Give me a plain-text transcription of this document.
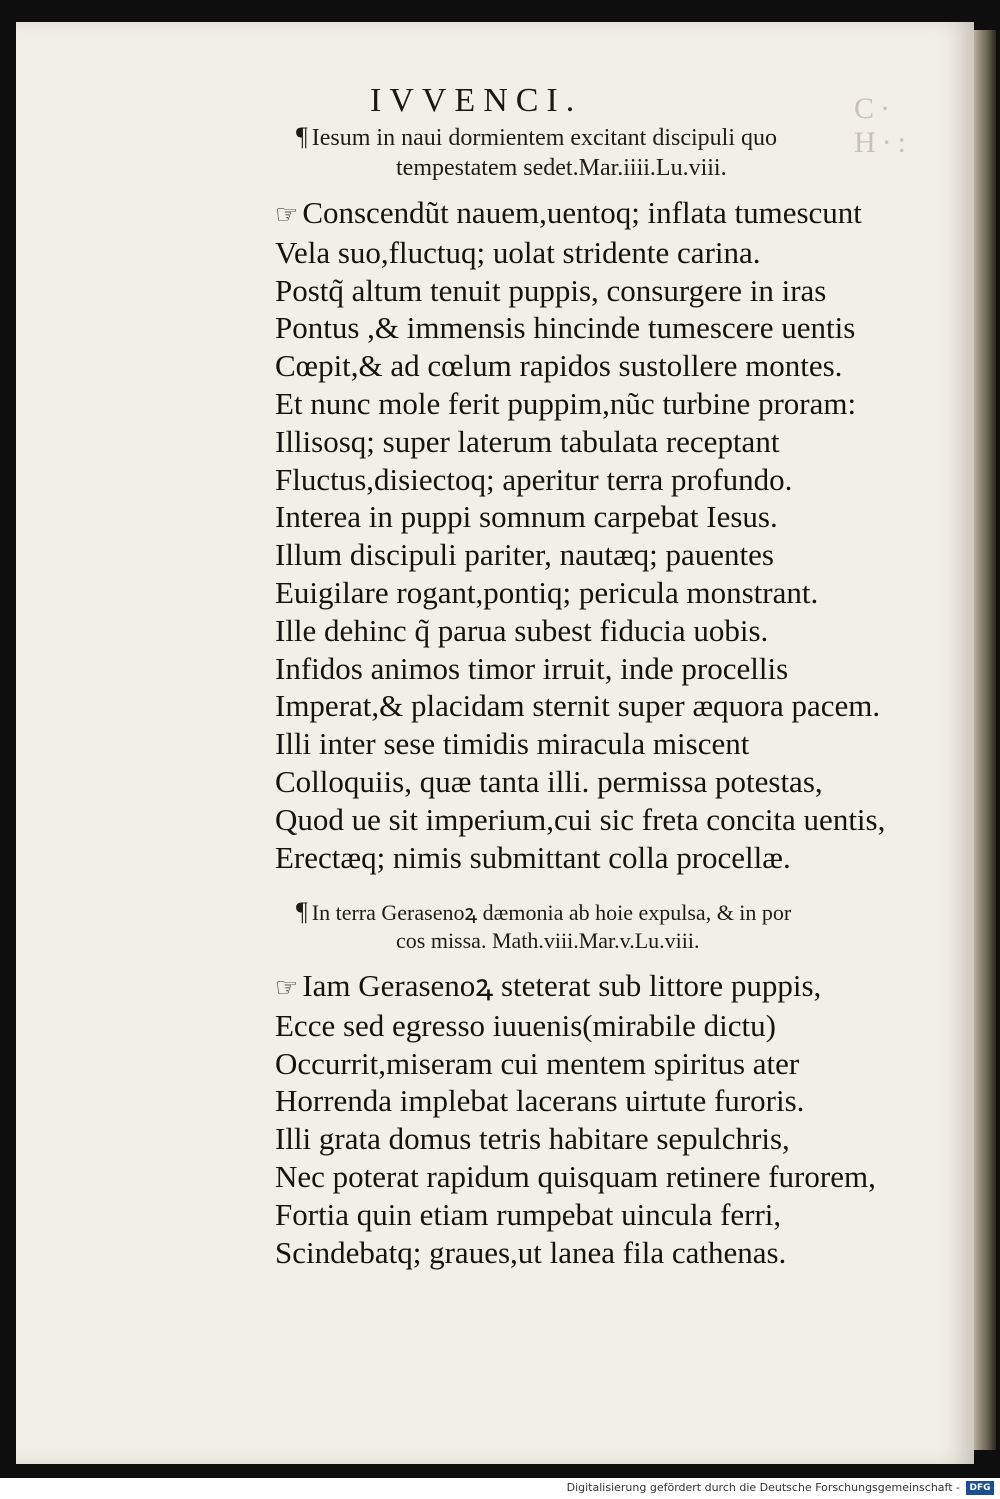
C· H·:
IVVENCI.
¶ Iesum in naui dormientem excitant discipuli quo
tempestatem sedet.Mar.iiii.Lu.viii.
☞ Conscendũt nauem,uentoq; inflata tumescunt
Vela suo,fluctuq; uolat stridente carina.
Postq̃ altum tenuit puppis, consurgere in iras
Pontus ,& immensis hincinde tumescere uentis
Cœpit,& ad cœlum rapidos sustollere montes.
Et nunc mole ferit puppim,nũc turbine proram:
Illisosq; super laterum tabulata receptant
Fluctus,disiectoq; aperitur terra profundo.
Interea in puppi somnum carpebat Iesus.
Illum discipuli pariter, nautæq; pauentes
Euigilare rogant,pontiq; pericula monstrant.
Ille dehinc q̃ parua subest fiducia uobis.
Infidos animos timor irruit, inde procellis
Imperat,& placidam sternit super æquora pacem.
Illi inter sese timidis miracula miscent
Colloquiis, quæ tanta illi. permissa potestas,
Quod ue sit imperium,cui sic freta concita uentis,
Erectæq; nimis submittant colla procellæ.
¶ In terra Gerasenoꝝ dæmonia ab hoie expulsa, & in por
cos missa. Math.viii.Mar.v.Lu.viii.
☞ Iam Gerasenoꝝ steterat sub littore puppis,
Ecce sed egresso iuuenis(mirabile dictu)
Occurrit,miseram cui mentem spiritus ater
Horrenda implebat lacerans uirtute furoris.
Illi grata domus tetris habitare sepulchris,
Nec poterat rapidum quisquam retinere furorem,
Fortia quin etiam rumpebat uincula ferri,
Scindebatq; graues,ut lanea fila cathenas.
Digitalisierung gefördert durch die Deutsche Forschungsgemeinschaft -	DFG
